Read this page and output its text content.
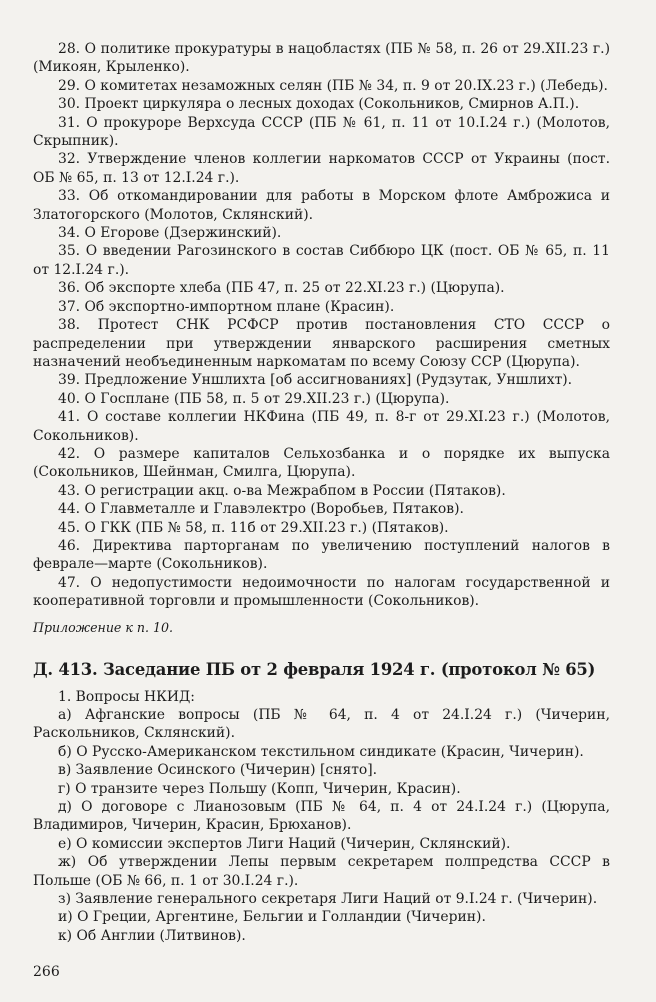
28. О политике прокуратуры в нацобластях (ПБ № 58, п. 26 от 29.XII.23 г.) (Микоян, Крыленко).

29. О комитетах незаможных селян (ПБ № 34, п. 9 от 20.IX.23 г.) (Лебедь).

30. Проект циркуляра о лесных доходах (Сокольников, Смирнов А.П.).

31. О прокуроре Верхсуда СССР (ПБ № 61, п. 11 от 10.I.24 г.) (Молотов, Скрыпник).

32. Утверждение членов коллегии наркоматов СССР от Украины (пост. ОБ № 65, п. 13 от 12.I.24 г.).

33. Об откомандировании для работы в Морском флоте Амброжиса и Златогорского (Молотов, Склянский).

34. О Егорове (Дзержинский).

35. О введении Рагозинского в состав Сиббюро ЦК (пост. ОБ № 65, п. 11 от 12.I.24 г.).

36. Об экспорте хлеба (ПБ 47, п. 25 от 22.XI.23 г.) (Цюрупа).

37. Об экспортно-импортном плане (Красин).

38. Протест СНК РСФСР против постановления СТО СССР о распределении при утверждении январского расширения сметных назначений необъединенным наркоматам по всему Союзу ССР (Цюрупа).

39. Предложение Уншлихта [об ассигнованиях] (Рудзутак, Уншлихт).

40. О Госплане (ПБ 58, п. 5 от 29.XII.23 г.) (Цюрупа).

41. О составе коллегии НКФина (ПБ 49, п. 8-г от 29.XI.23 г.) (Молотов, Сокольников).

42. О размере капиталов Сельхозбанка и о порядке их выпуска (Сокольников, Шейнман, Смилга, Цюрупа).

43. О регистрации акц. о-ва Межрабпом в России (Пятаков).

44. О Главметалле и Главэлектро (Воробьев, Пятаков).

45. О ГКК (ПБ № 58, п. 11б от 29.XII.23 г.) (Пятаков).

46. Директива парторганам по увеличению поступлений налогов в феврале—марте (Сокольников).

47. О недопустимости недоимочности по налогам государственной и кооперативной торговли и промышленности (Сокольников).

Приложение к п. 10.

Д. 413. Заседание ПБ от 2 февраля 1924 г. (протокол № 65)

1. Вопросы НКИД:

а) Афганские вопросы (ПБ № 64, п. 4 от 24.I.24 г.) (Чичерин, Раскольников, Склянский).

б) О Русско-Американском текстильном синдикате (Красин, Чичерин).

в) Заявление Осинского (Чичерин) [снято].

г) О транзите через Польшу (Копп, Чичерин, Красин).

д) О договоре с Лианозовым (ПБ № 64, п. 4 от 24.I.24 г.) (Цюрупа, Владимиров, Чичерин, Красин, Брюханов).

е) О комиссии экспертов Лиги Наций (Чичерин, Склянский).

ж) Об утверждении Лепы первым секретарем полпредства СССР в Польше (ОБ № 66, п. 1 от 30.I.24 г.).

з) Заявление генерального секретаря Лиги Наций от 9.I.24 г. (Чичерин).

и) О Греции, Аргентине, Бельгии и Голландии (Чичерин).

к) Об Англии (Литвинов).

266
